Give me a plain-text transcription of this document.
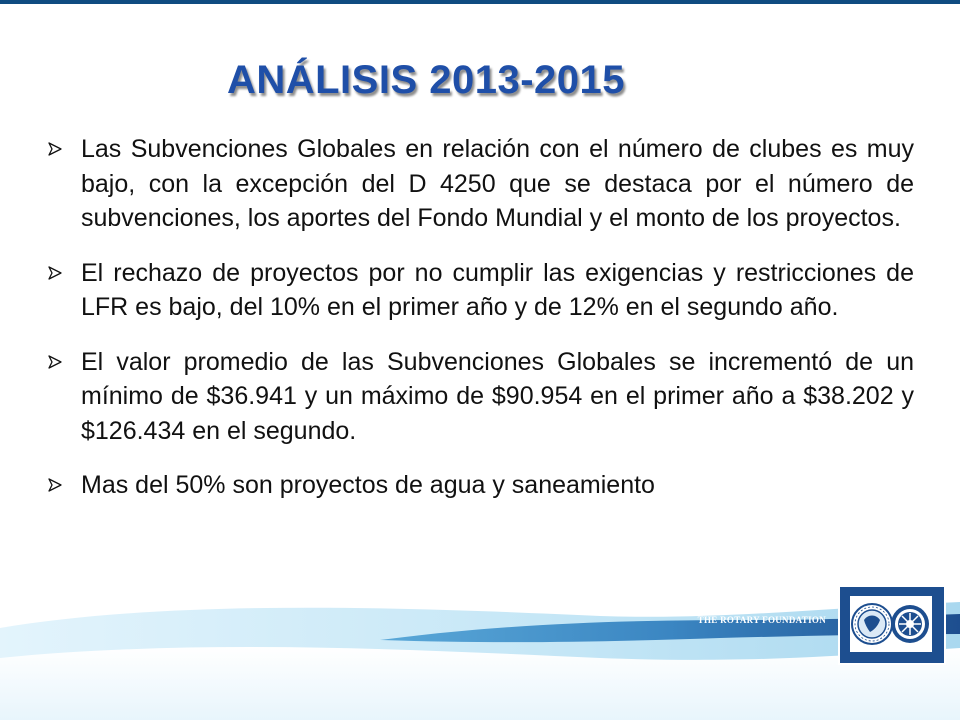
THE ROTARY FOUNDATION
ANÁLISIS 2013-2015
Las Subvenciones Globales en relación con el número de clubes es muy bajo, con la excepción del D 4250 que se destaca por el número de subvenciones, los aportes del Fondo Mundial y el monto de los proyectos.
El rechazo de proyectos por no cumplir las exigencias y restricciones de LFR es bajo, del 10% en el primer año y de 12% en el segundo año.
El valor promedio de las Subvenciones Globales se incrementó de un mínimo de $36.941 y un máximo de $90.954 en el primer año a $38.202 y $126.434 en el segundo.
Mas del 50% son proyectos de agua y saneamiento
